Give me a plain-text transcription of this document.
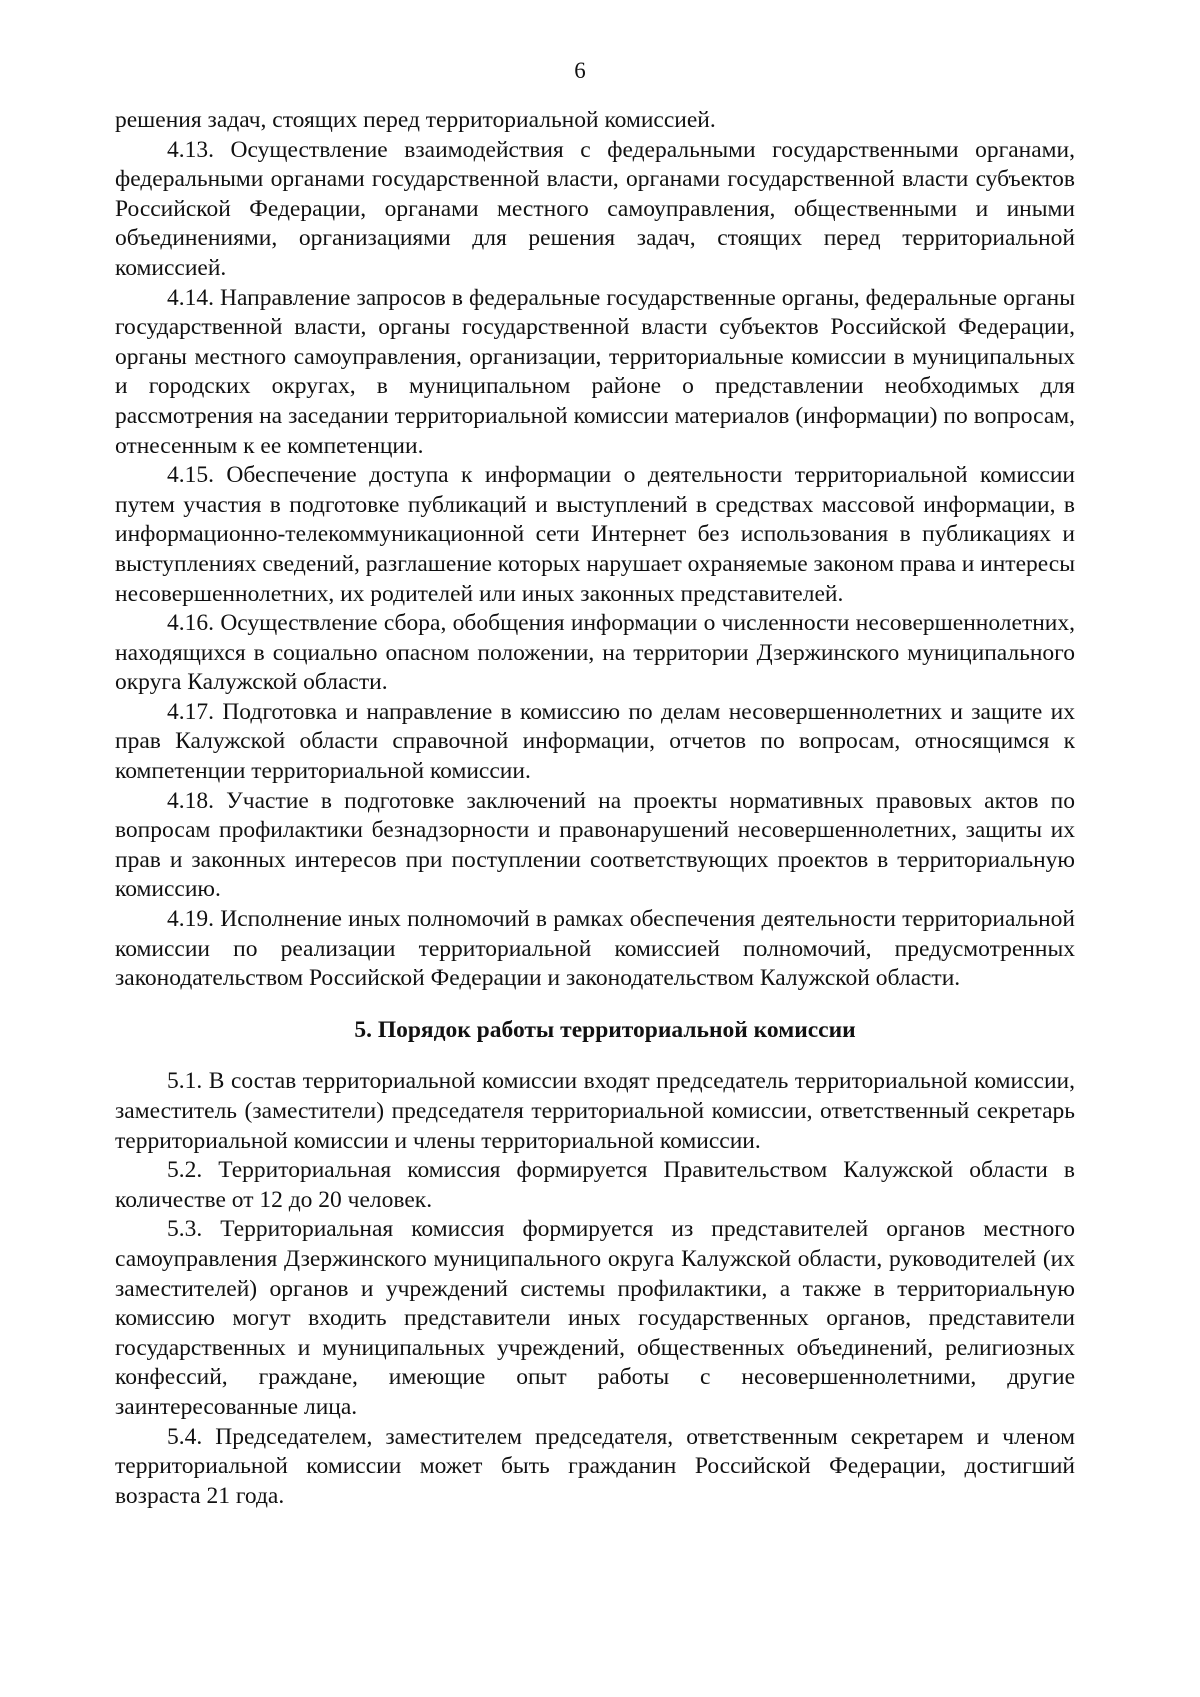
6

решения задач, стоящих перед территориальной комиссией.

4.13. Осуществление взаимодействия с федеральными государственными органами, федеральными органами государственной власти, органами государственной власти субъектов Российской Федерации, органами местного самоуправления, общественными и иными объединениями, организациями для решения задач, стоящих перед территориальной комиссией.

4.14. Направление запросов в федеральные государственные органы, федеральные органы государственной власти, органы государственной власти субъектов Российской Федерации, органы местного самоуправления, организации, территориальные комиссии в муниципальных и городских округах, в муниципальном районе о представлении необходимых для рассмотрения на заседании территориальной комиссии материалов (информации) по вопросам, отнесенным к ее компетенции.

4.15. Обеспечение доступа к информации о деятельности территориальной комиссии путем участия в подготовке публикаций и выступлений в средствах массовой информации, в информационно-телекоммуникационной сети Интернет без использования в публикациях и выступлениях сведений, разглашение которых нарушает охраняемые законом права и интересы несовершеннолетних, их родителей или иных законных представителей.

4.16. Осуществление сбора, обобщения информации о численности несовершеннолетних, находящихся в социально опасном положении, на территории Дзержинского муниципального округа Калужской области.

4.17. Подготовка и направление в комиссию по делам несовершеннолетних и защите их прав Калужской области справочной информации, отчетов по вопросам, относящимся к компетенции территориальной комиссии.

4.18. Участие в подготовке заключений на проекты нормативных правовых актов по вопросам профилактики безнадзорности и правонарушений несовершеннолетних, защиты их прав и законных интересов при поступлении соответствующих проектов в территориальную комиссию.

4.19. Исполнение иных полномочий в рамках обеспечения деятельности территориальной комиссии по реализации территориальной комиссией полномочий, предусмотренных законодательством Российской Федерации и законодательством Калужской области.

5. Порядок работы территориальной комиссии

5.1. В состав территориальной комиссии входят председатель территориальной комиссии, заместитель (заместители) председателя территориальной комиссии, ответственный секретарь территориальной комиссии и члены территориальной комиссии.

5.2. Территориальная комиссия формируется Правительством Калужской области в количестве от 12 до 20 человек.

5.3. Территориальная комиссия формируется из представителей органов местного самоуправления Дзержинского муниципального округа Калужской области, руководителей (их заместителей) органов и учреждений системы профилактики, а также в территориальную комиссию могут входить представители иных государственных органов, представители государственных и муниципальных учреждений, общественных объединений, религиозных конфессий, граждане, имеющие опыт работы с несовершеннолетними, другие заинтересованные лица.

5.4. Председателем, заместителем председателя, ответственным секретарем и членом территориальной комиссии может быть гражданин Российской Федерации, достигший возраста 21 года.
